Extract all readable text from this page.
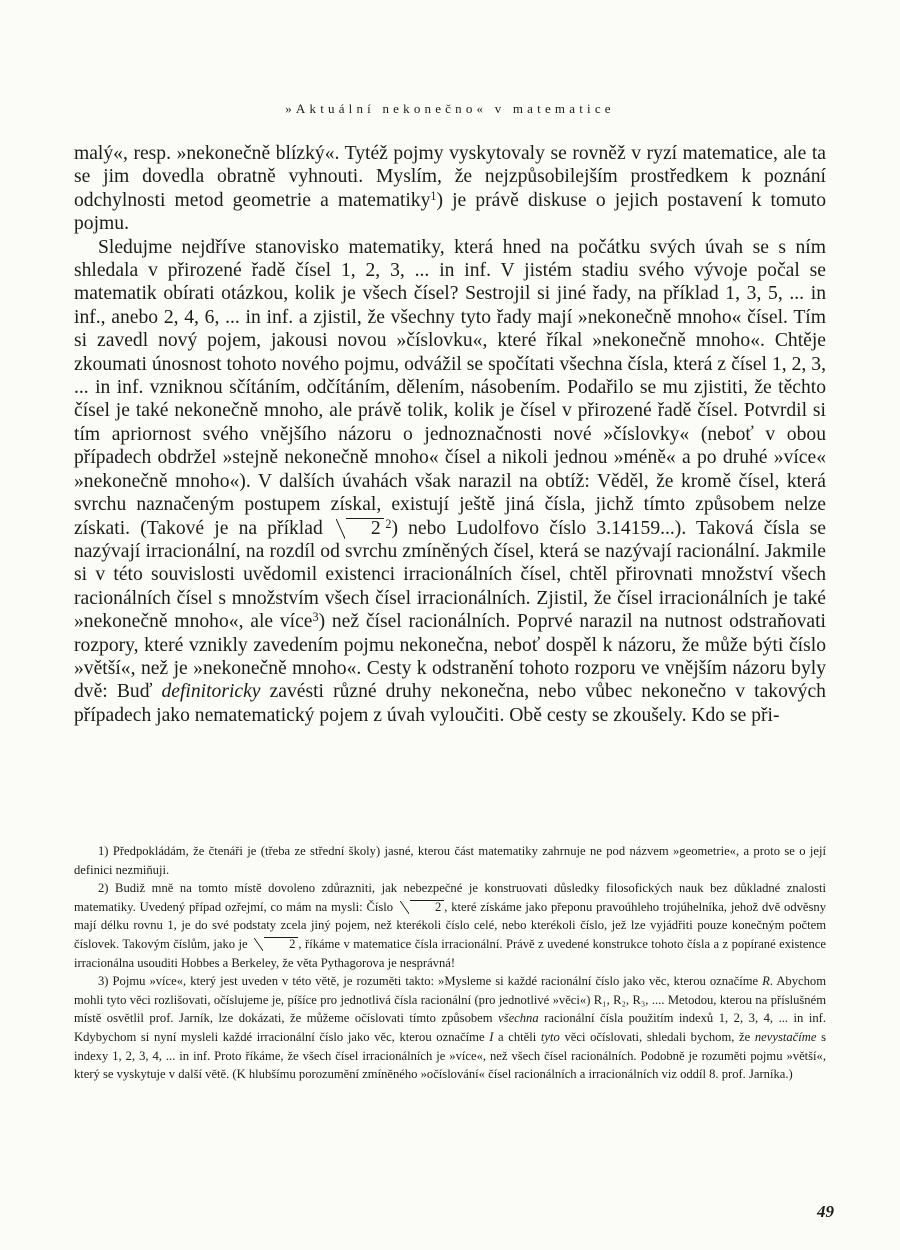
»Aktuální nekonečno« v matematice

malý«, resp. »nekonečně blízký«. Tytéž pojmy vyskytovaly se rovněž v ryzí matematice, ale ta se jim dovedla obratně vyhnouti. Myslím, že nejzpůsobilejším prostředkem k poznání odchylnosti metod geometrie a matematiky$^1$) je právě diskuse o jejich postavení k tomuto pojmu.

Sledujme nejdříve stanovisko matematiky, která hned na počátku svých úvah se s ním shledala v přirozené řadě čísel 1, 2, 3, ... in inf. V jistém stadiu svého vývoje počal se matematik obírati otázkou, kolik je všech čísel? Sestrojil si jiné řady, na příklad 1, 3, 5, ... in inf., anebo 2, 4, 6, ... in inf. a zjistil, že všechny tyto řady mají »nekonečně mnoho« čísel. Tím si zavedl nový pojem, jakousi novou »číslovku«, které říkal »nekonečně mnoho«. Chtěje zkoumati únosnost tohoto nového pojmu, odvážil se spočítati všechna čísla, která z čísel 1, 2, 3, ... in inf. vzniknou sčítáním, odčítáním, dělením, násobením. Podařilo se mu zjistiti, že těchto čísel je také nekonečně mnoho, ale právě tolik, kolik je čísel v přirozené řadě čísel. Potvrdil si tím apriornost svého vnějšího názoru o jednoznačnosti nové »číslovky« (neboť v obou případech obdržel »stejně nekonečně mnoho« čísel a nikoli jednou »méně« a po druhé »více« »nekonečně mnoho«). V dalších úvahách však narazil na obtíž: Věděl, že kromě čísel, která svrchu naznačeným postupem získal, existují ještě jiná čísla, jichž tímto způsobem nelze získati. (Takové je na příklad 2  $^2$) nebo Ludolfovo číslo 3.14159...). Taková čísla se nazývají irracionální, na rozdíl od svrchu zmíněných čísel, která se nazývají racionální. Jakmile si v této souvislosti uvědomil existenci irracionálních čísel, chtěl přirovnati množství všech racionálních čísel s množstvím všech čísel irracionálních. Zjistil, že čísel irracionálních je také »nekonečně mnoho«, ale více$^3$) než čísel racionálních. Poprvé narazil na nutnost odstraňovati rozpory, které vznikly zavedením pojmu nekonečna, neboť dospěl k názoru, že může býti číslo »větší«, než je »nekonečně mnoho«. Cesty k odstranění tohoto rozporu ve vnějším názoru byly dvě: Buď definitoricky zavésti různé druhy nekonečna, nebo vůbec nekonečno v takových případech jako nematematický pojem z úvah vyloučiti. Obě cesty se zkoušely. Kdo se při-

1) Předpokládám, že čtenáři je (třeba ze střední školy) jasné, kterou část matematiky zahrnuje ne pod názvem »geometrie«, a proto se o její definici nezmiňuji.

2) Budiž mně na tomto místě dovoleno zdůrazniti, jak nebezpečné je konstruovati důsledky filosofických nauk bez důkladné znalosti matematiky. Uvedený případ ozřejmí, co mám na mysli: Číslo	2 , které získáme jako přeponu pravoúhleho trojúhelníka, jehož dvě odvěsny mají délku rovnu 1, je do své podstaty zcela jiný pojem, než kterékoli číslo celé, nebo kterékoli číslo, jež lze vyjádřiti pouze konečným počtem číslovek. Takovým číslům, jako je	2 , říkáme v matematice čísla irracionální. Právě z uvedené konstrukce tohoto čísla a z popírané existence irracionálna usouditi Hobbes a Berkeley, že věta Pythagorova je nesprávná!

3) Pojmu »více«, který jest uveden v této větě, je rozuměti takto: »Mysleme si každé racionální číslo jako věc, kterou označíme R. Abychom mohli tyto věci rozlišovati, očíslujeme je, píšíce pro jednotlivá čísla racionální (pro jednotlivé »věci«) R₁, R₂, R₃, .... Metodou, kterou na příslušném místě osvětlil prof. Jarník, lze dokázati, že můžeme očíslovati tímto způsobem všechna racionální čísla použitím indexů 1, 2, 3, 4, ... in inf. Kdybychom si nyní mysleli každé irracionální číslo jako věc, kterou označíme I a chtěli tyto věci očíslovati, shledali bychom, že nevystačíme s indexy 1, 2, 3, 4, ... in inf. Proto říkáme, že všech čísel irracionálních je »více«, než všech čísel racionálních. Podobně je rozuměti pojmu »větší«, který se vyskytuje v další větě. (K hlubšímu porozumění zmíněného »očíslování« čísel racionálních a irracionálních viz oddíl 8. prof. Jarníka.)

49
